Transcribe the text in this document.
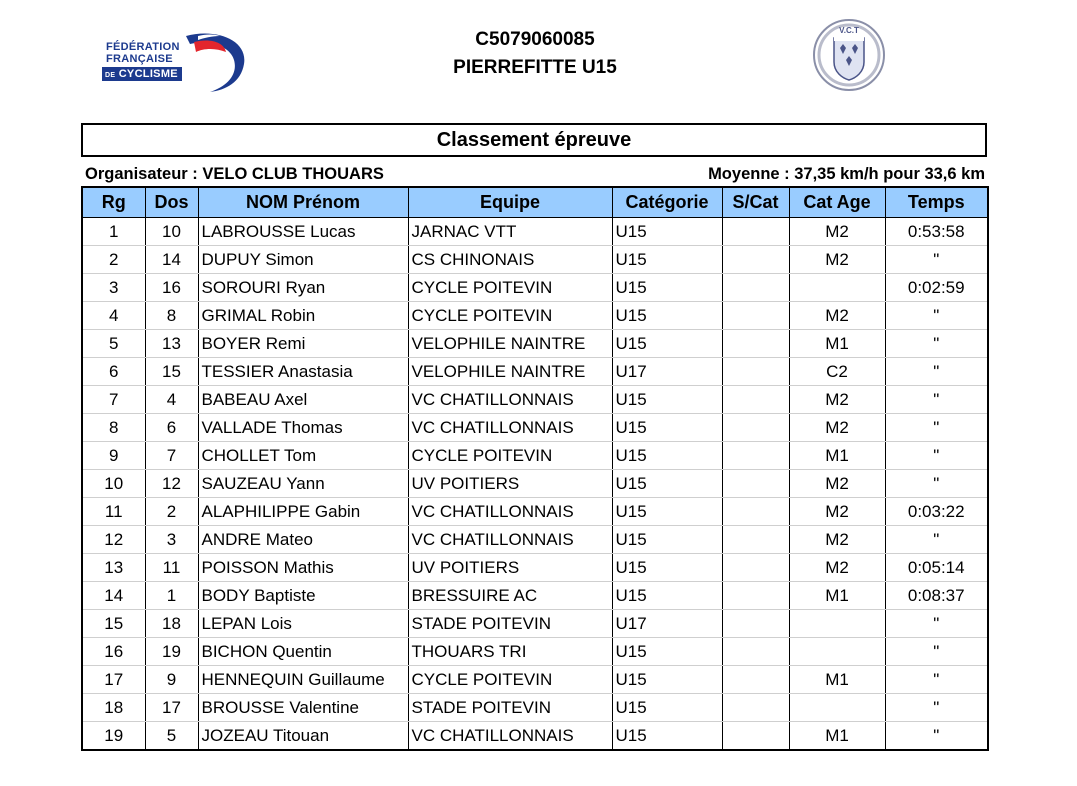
FÉDÉRATION
FRANÇAISE
DE CYCLISME
C5079060085
PIERREFITTE U15
V.C.T
Classement épreuve
Organisateur : VELO CLUB THOUARS	Moyenne : 37,35 km/h pour 33,6 km
Rg	Dos	NOM Prénom	Equipe	Catégorie	S/Cat	Cat Age	Temps
1	10	LABROUSSE Lucas	JARNAC VTT	U15		M2	0:53:58
2	14	DUPUY Simon	CS CHINONAIS	U15		M2	"
3	16	SOROURI Ryan	CYCLE POITEVIN	U15			0:02:59
4	8	GRIMAL Robin	CYCLE POITEVIN	U15		M2	"
5	13	BOYER Remi	VELOPHILE NAINTRE	U15		M1	"
6	15	TESSIER Anastasia	VELOPHILE NAINTRE	U17		C2	"
7	4	BABEAU Axel	VC CHATILLONNAIS	U15		M2	"
8	6	VALLADE Thomas	VC CHATILLONNAIS	U15		M2	"
9	7	CHOLLET Tom	CYCLE POITEVIN	U15		M1	"
10	12	SAUZEAU Yann	UV POITIERS	U15		M2	"
11	2	ALAPHILIPPE Gabin	VC CHATILLONNAIS	U15		M2	0:03:22
12	3	ANDRE Mateo	VC CHATILLONNAIS	U15		M2	"
13	11	POISSON Mathis	UV POITIERS	U15		M2	0:05:14
14	1	BODY Baptiste	BRESSUIRE AC	U15		M1	0:08:37
15	18	LEPAN Lois	STADE POITEVIN	U17			"
16	19	BICHON Quentin	THOUARS TRI	U15			"
17	9	HENNEQUIN Guillaume	CYCLE POITEVIN	U15		M1	"
18	17	BROUSSE Valentine	STADE POITEVIN	U15			"
19	5	JOZEAU Titouan	VC CHATILLONNAIS	U15		M1	"
